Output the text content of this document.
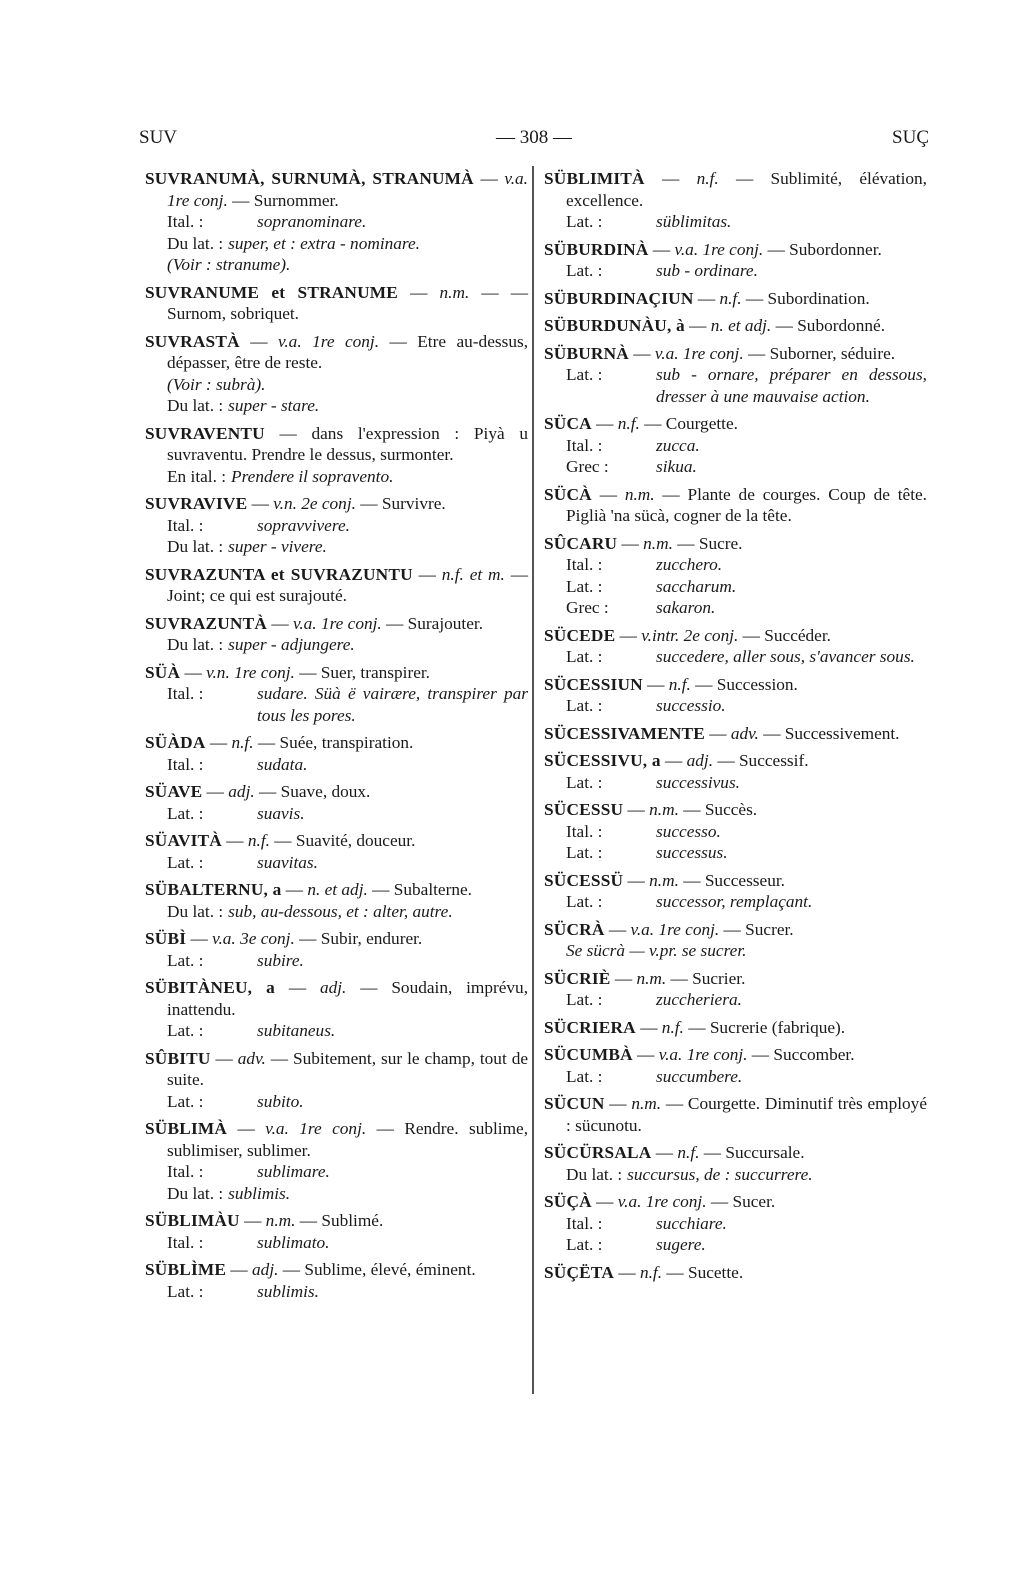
SUV	— 308 —	SUÇ
SUVRANUMÀ, SURNUMÀ, STRANUMÀ — v.a. 1re conj. — Surnommer.
Ital. :	sopranominare.
Du lat. : super, et : extra - nominare.
(Voir : stranume).
SUVRANUME et STRANUME — n.m. — — Surnom, sobriquet.
SUVRASTÀ — v.a. 1re conj. — Etre au-dessus, dépasser, être de reste.
(Voir : subrà).
Du lat. : super - stare.
SUVRAVENTU — dans l'expression : Piyà u suvraventu. Prendre le dessus, surmonter.
En ital. : Prendere il sopravento.
SUVRAVIVE — v.n. 2e conj. — Survivre.
Ital. :	sopravvivere.
Du lat. : super - vivere.
SUVRAZUNTA et SUVRAZUNTU — n.f. et m. — Joint; ce qui est surajouté.
SUVRAZUNTÀ — v.a. 1re conj. — Surajouter.
Du lat. : super - adjungere.
SÜÀ — v.n. 1re conj. — Suer, transpirer.
Ital. :	sudare. Süà ë vairære, transpirer par tous les pores.
SÜÀDA — n.f. — Suée, transpiration.
Ital. :	sudata.
SÜAVE — adj. — Suave, doux.
Lat. :	suavis.
SÜAVITÀ — n.f. — Suavité, douceur.
Lat. :	suavitas.
SÜBALTERNU, a — n. et adj. — Subalterne.
Du lat. : sub, au-dessous, et : alter, autre.
SÜBÌ — v.a. 3e conj. — Subir, endurer.
Lat. :	subire.
SÜBITÀNEU, a — adj. — Soudain, imprévu, inattendu.
Lat. :	subitaneus.
SÛBITU — adv. — Subitement, sur le champ, tout de suite.
Lat. :	subito.
SÜBLIMÀ — v.a. 1re conj. — Rendre. sublime, sublimiser, sublimer.
Ital. :	sublimare.
Du lat. : sublimis.
SÜBLIMÀU — n.m. — Sublimé.
Ital. :	sublimato.
SÜBLÌME — adj. — Sublime, élevé, éminent.
Lat. :	sublimis.
SÜBLIMITÀ — n.f. — Sublimité, élévation, excellence.
Lat. :	süblimitas.
SÜBURDINÀ — v.a. 1re conj. — Subordonner.
Lat. :	sub - ordinare.
SÜBURDINAÇIUN — n.f. — Subordination.
SÜBURDUNÀU, à — n. et adj. — Subordonné.
SÜBURNÀ — v.a. 1re conj. — Suborner, séduire.
Lat. :	sub - ornare, préparer en dessous, dresser à une mauvaise action.
SÜCA — n.f. — Courgette.
Ital. :	zucca.
Grec :	sikua.
SÜCÀ — n.m. — Plante de courges. Coup de tête. Piglià 'na sücà, cogner de la tête.
SÛCARU — n.m. — Sucre.
Ital. :	zucchero.
Lat. :	saccharum.
Grec :	sakaron.
SÜCEDE — v.intr. 2e conj. — Succéder.
Lat. :	succedere, aller sous, s'avancer sous.
SÜCESSIUN — n.f. — Succession.
Lat. :	successio.
SÜCESSIVAMENTE — adv. — Successivement.
SÜCESSIVU, a — adj. — Successif.
Lat. :	successivus.
SÜCESSU — n.m. — Succès.
Ital. :	successo.
Lat. :	successus.
SÜCESSÜ — n.m. — Successeur.
Lat. :	successor, remplaçant.
SÜCRÀ — v.a. 1re conj. — Sucrer.
Se sücrà — v.pr. se sucrer.
SÜCRIÈ — n.m. — Sucrier.
Lat. :	zuccheriera.
SÜCRIERA — n.f. — Sucrerie (fabrique).
SÜCUMBÀ — v.a. 1re conj. — Succomber.
Lat. :	succumbere.
SÜCUN — n.m. — Courgette. Diminutif très employé : sücunotu.
SÜCÜRSALA — n.f. — Succursale.
Du lat. : succursus, de : succurrere.
SÜÇÀ — v.a. 1re conj. — Sucer.
Ital. :	succhiare.
Lat. :	sugere.
SÜÇËTA — n.f. — Sucette.
